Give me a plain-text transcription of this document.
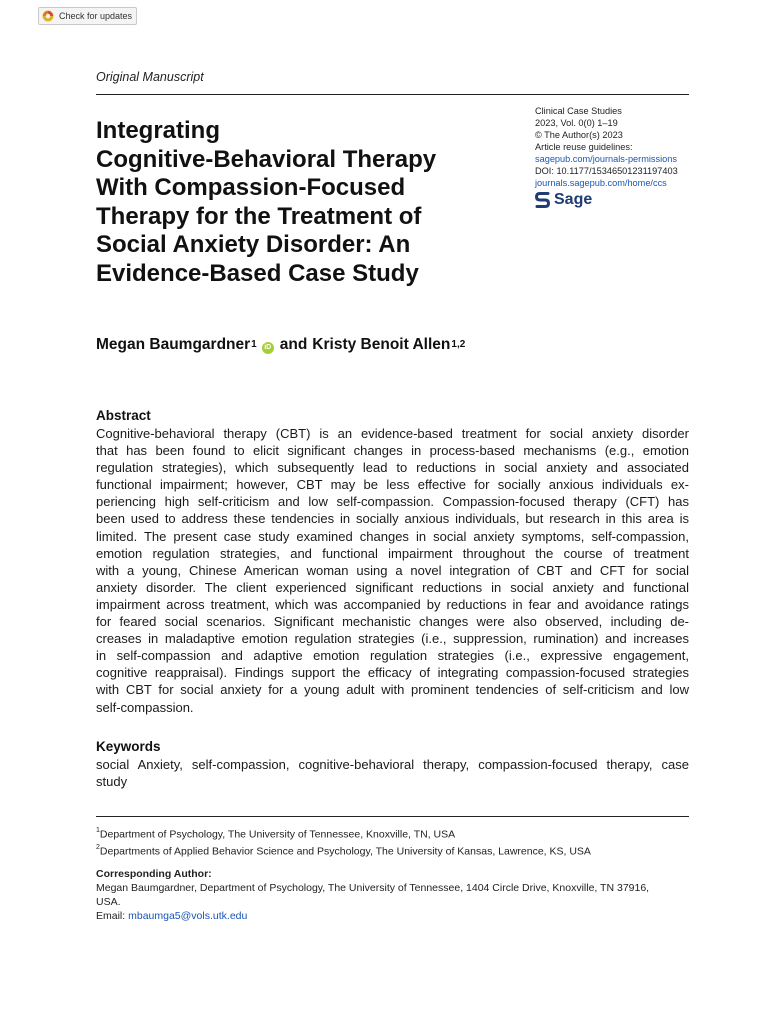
Check for updates
Original Manuscript
Integrating
Cognitive-Behavioral Therapy
With Compassion-Focused
Therapy for the Treatment of
Social Anxiety Disorder: An
Evidence-Based Case Study
Clinical Case Studies
2023, Vol. 0(0) 1–19
© The Author(s) 2023
Article reuse guidelines:
sagepub.com/journals-permissions
DOI: 10.1177/15346501231197403
journals.sagepub.com/home/ccs
Sage
Megan Baumgardner$^1$	iD and Kristy Benoit Allen$^{1,2}$
Abstract

Cognitive-behavioral therapy (CBT) is an evidence-based treatment for social anxiety disorder
that has been found to elicit significant changes in process-based mechanisms (e.g., emotion
regulation strategies), which subsequently lead to reductions in social anxiety and associated
functional impairment; however, CBT may be less effective for socially anxious individuals ex-
periencing high self-criticism and low self-compassion. Compassion-focused therapy (CFT) has
been used to address these tendencies in socially anxious individuals, but research in this area is
limited. The present case study examined changes in social anxiety symptoms, self-compassion,
emotion regulation strategies, and functional impairment throughout the course of treatment
with a young, Chinese American woman using a novel integration of CBT and CFT for social
anxiety disorder. The client experienced significant reductions in social anxiety and functional
impairment across treatment, which was accompanied by reductions in fear and avoidance ratings
for feared social scenarios. Significant mechanistic changes were also observed, including de-
creases in maladaptive emotion regulation strategies (i.e., suppression, rumination) and increases
in self-compassion and adaptive emotion regulation strategies (i.e., expressive engagement,
cognitive reappraisal). Findings support the efficacy of integrating compassion-focused strategies
with CBT for social anxiety for a young adult with prominent tendencies of self-criticism and low
self-compassion.

Keywords

social Anxiety, self-compassion, cognitive-behavioral therapy, compassion-focused therapy, case
study

$^1$Department of Psychology, The University of Tennessee, Knoxville, TN, USA
$^2$Departments of Applied Behavior Science and Psychology, The University of Kansas, Lawrence, KS, USA
Corresponding Author:
Megan Baumgardner, Department of Psychology, The University of Tennessee, 1404 Circle Drive, Knoxville, TN 37916,
USA.
Email: mbaumga5@vols.utk.edu
